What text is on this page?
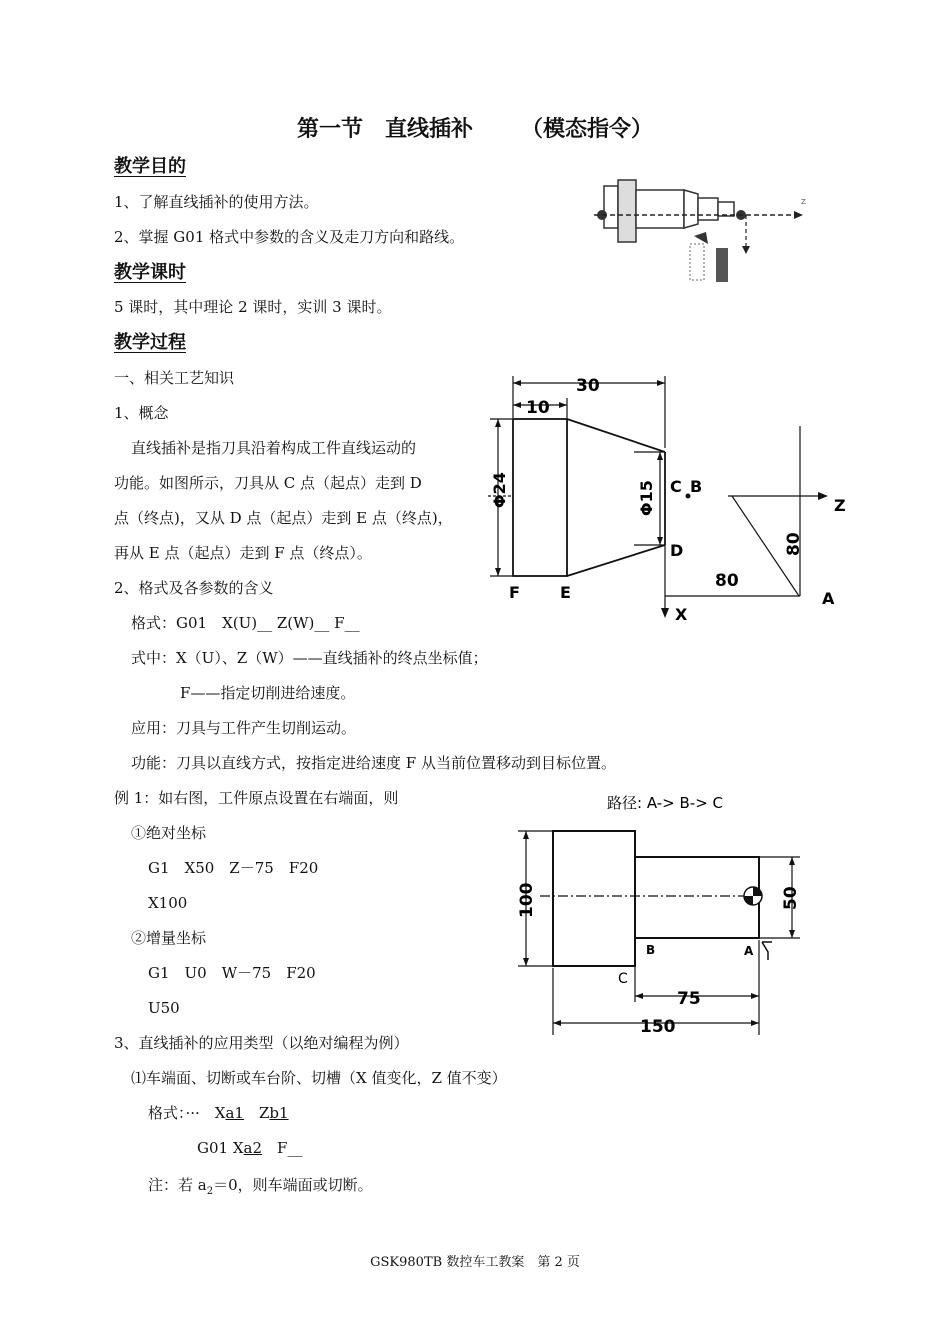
第一节　直线插补 （模态指令）
教学目的
1、了解直线插补的使用方法。
2、掌握 G01 格式中参数的含义及走刀方向和路线。
教学课时
5 课时，其中理论 2 课时，实训 3 课时。
教学过程
一、相关工艺知识
1、概念
直线插补是指刀具沿着构成工件直线运动的
功能。如图所示，刀具从 C 点（起点）走到 D
点（终点)，又从 D 点（起点）走到 E 点（终点)，
再从 E 点（起点）走到 F 点（终点）。
2、格式及各参数的含义
格式：G01　X(U)__ Z(W)__ F__
式中：X（U）、Z（W）——直线插补的终点坐标值；
F——指定切削进给速度。
应用：刀具与工件产生切削运动。
功能：刀具以直线方式，按指定进给速度 F 从当前位置移动到目标位置。
例 1：如右图，工件原点设置在右端面，则
①绝对坐标
G1　X50　Z－75　F20
X100
②增量坐标
G1　U0　W－75　F20
U50
3、直线插补的应用类型（以绝对编程为例）
⑴车端面、切断或车台阶、切槽（X 值变化，Z 值不变）
格式：···　Xa1　Zb1
G01 Xa2　F__
注：若 $a_2=0$，则车端面或切断。
Z
30
10
Φ24	Φ15 C B
D
E
F	A
Z
X
80
80
路径: A-> B-> C
100	50
75
150
B	A
C
GSK980TB 数控车工教案　第 2 页
